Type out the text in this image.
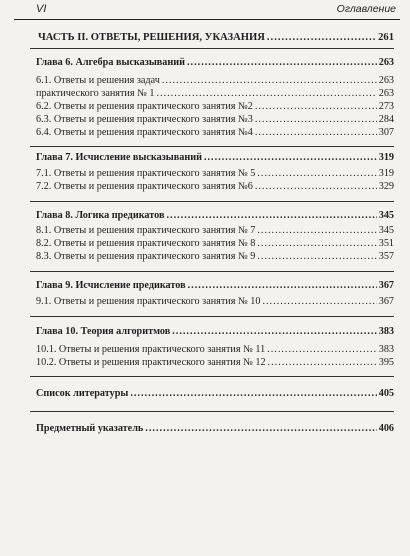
VI	Оглавление
ЧАСТЬ II. ОТВЕТЫ, РЕШЕНИЯ, УКАЗАНИЯ .....	261
Глава 6. Алгебра высказываний .....	263
6.1. Ответы и решения задач .....	263
практического занятия № 1 .....	263
6.2. Ответы и решения практического занятия №2 .....	273
6.3. Ответы и решения практического занятия №3 .....	284
6.4. Ответы и решения практического занятия №4 .....	307
Глава 7. Исчисление высказываний .....	319
7.1. Ответы и решения практического занятия № 5 .....	319
7.2. Ответы и решения практического занятия №6 .....	329
Глава 8. Логика предикатов .....	345
8.1. Ответы и решения практического занятия № 7 .....	345
8.2. Ответы и решения практического занятия № 8 .....	351
8.3. Ответы и решения практического занятия № 9 .....	357
Глава 9. Исчисление предикатов .....	367
9.1. Ответы и решения практического занятия № 10 .....	367
Глава 10. Теория алгоритмов .....	383
10.1. Ответы и решения практического занятия № 11 .....	383
10.2. Ответы и решения практического занятия № 12 .....	395
Список литературы .....	405
Предметный указатель .....	406
